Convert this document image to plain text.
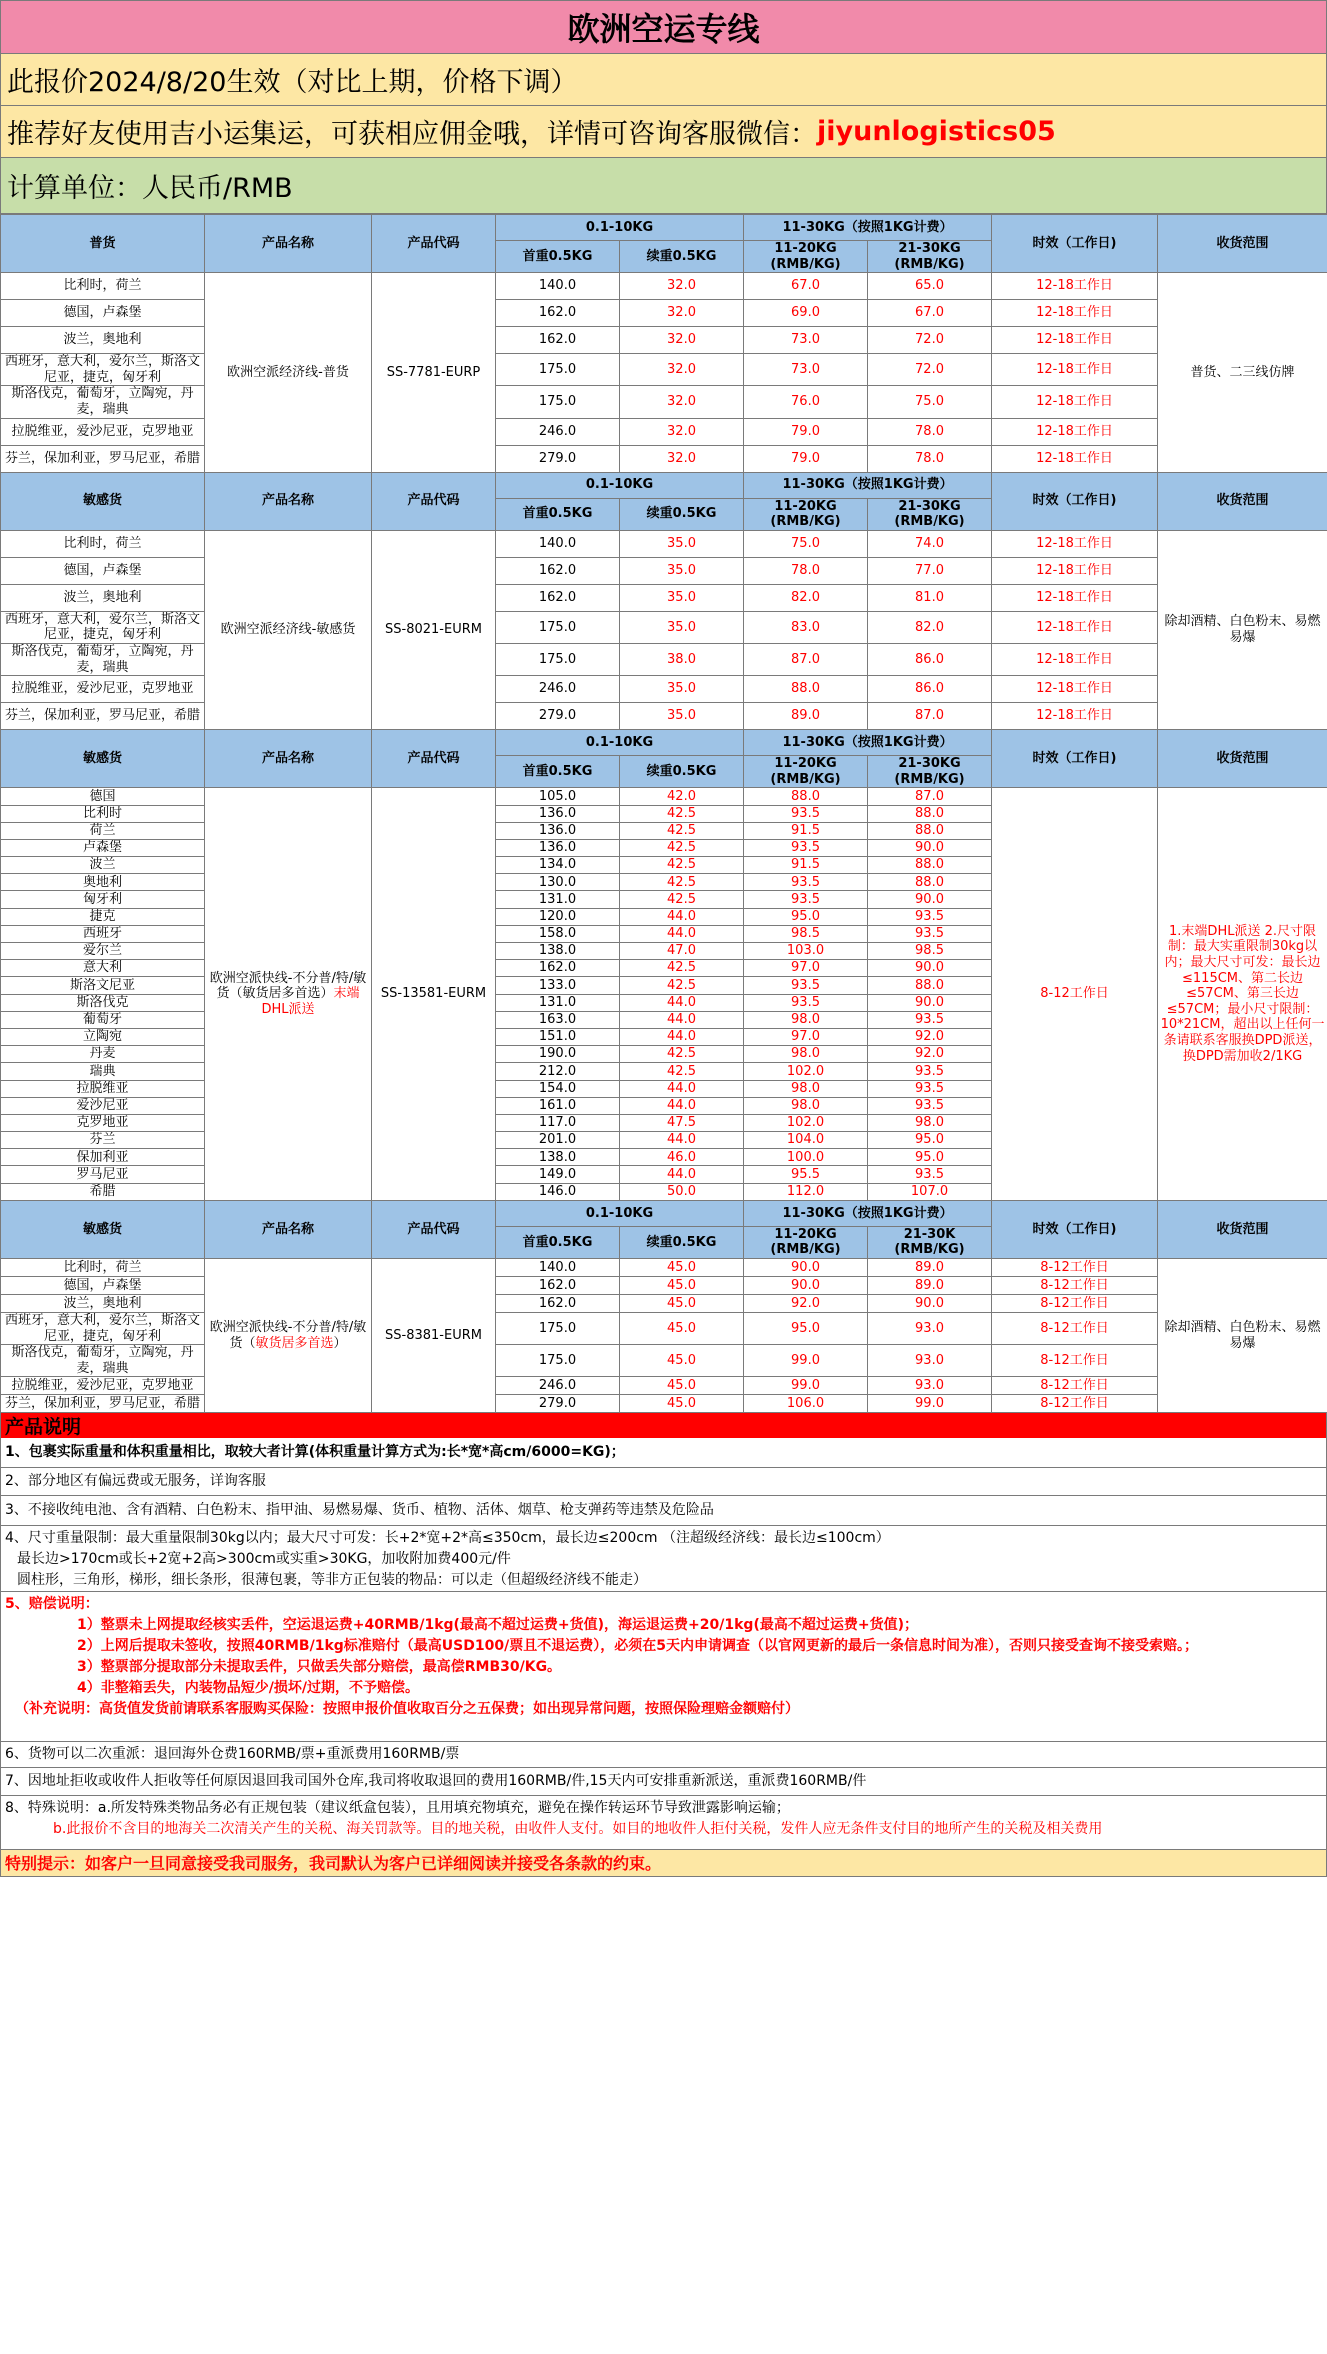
欧洲空运专线
此报价2024/8/20生效（对比上期，价格下调）
推荐好友使用吉小运集运，可获相应佣金哦，详情可咨询客服微信： jiyunlogistics05
计算单位：人民币/RMB
普货	产品名称	产品代码	0.1-10KG		11-30KG（按照1KG计费）		时效（工作日)	收货范围
			首重0.5KG	续重0.5KG	11-20KG (RMB/KG)	21-30KG (RMB/KG)		
比利时，荷兰	欧洲空派经济线-普货	SS-7781-EURP	140.0	32.0	67.0	65.0	12-18工作日	普货、二三线仿牌
德国，卢森堡			162.0	32.0	69.0	67.0	12-18工作日	
波兰，奥地利			162.0	32.0	73.0	72.0	12-18工作日	
西班牙，意大利，爱尔兰，斯洛文尼亚，捷克，匈牙利			175.0	32.0	73.0	72.0	12-18工作日	
斯洛伐克，葡萄牙，立陶宛，丹麦，瑞典			175.0	32.0	76.0	75.0	12-18工作日	
拉脱维亚，爱沙尼亚，克罗地亚			246.0	32.0	79.0	78.0	12-18工作日	
芬兰，保加利亚，罗马尼亚，希腊			279.0	32.0	79.0	78.0	12-18工作日	
敏感货	产品名称	产品代码	0.1-10KG		11-30KG（按照1KG计费）		时效（工作日)	收货范围
			首重0.5KG	续重0.5KG	11-20KG (RMB/KG)	21-30KG (RMB/KG)		
比利时，荷兰	欧洲空派经济线-敏感货	SS-8021-EURM	140.0	35.0	75.0	74.0	12-18工作日	除却酒精、白色粉末、易燃易爆
德国，卢森堡			162.0	35.0	78.0	77.0	12-18工作日	
波兰，奥地利			162.0	35.0	82.0	81.0	12-18工作日	
西班牙，意大利，爱尔兰，斯洛文尼亚，捷克，匈牙利			175.0	35.0	83.0	82.0	12-18工作日	
斯洛伐克，葡萄牙，立陶宛，丹麦，瑞典			175.0	38.0	87.0	86.0	12-18工作日	
拉脱维亚，爱沙尼亚，克罗地亚			246.0	35.0	88.0	86.0	12-18工作日	
芬兰，保加利亚，罗马尼亚，希腊			279.0	35.0	89.0	87.0	12-18工作日	
敏感货	产品名称	产品代码	0.1-10KG		11-30KG（按照1KG计费）		时效（工作日)	收货范围
			首重0.5KG	续重0.5KG	11-20KG (RMB/KG)	21-30KG (RMB/KG)		
德国	欧洲空派快线-不分普/特/敏货（敏货居多首选）末端DHL派送	SS-13581-EURM	105.0	42.0	88.0	87.0	8-12工作日	1.末端DHL派送 2.尺寸限制：最大实重限制30kg以内；最大尺寸可发：最长边≤115CM、第二长边≤57CM、第三长边≤57CM；最小尺寸限制：10*21CM，超出以上任何一条请联系客服换DPD派送，换DPD需加收2/1KG
比利时			136.0	42.5	93.5	88.0		
荷兰			136.0	42.5	91.5	88.0		
卢森堡			136.0	42.5	93.5	90.0		
波兰			134.0	42.5	91.5	88.0		
奥地利			130.0	42.5	93.5	88.0		
匈牙利			131.0	42.5	93.5	90.0		
捷克			120.0	44.0	95.0	93.5		
西班牙			158.0	44.0	98.5	93.5		
爱尔兰			138.0	47.0	103.0	98.5		
意大利			162.0	42.5	97.0	90.0		
斯洛文尼亚			133.0	42.5	93.5	88.0		
斯洛伐克			131.0	44.0	93.5	90.0		
葡萄牙			163.0	44.0	98.0	93.5		
立陶宛			151.0	44.0	97.0	92.0		
丹麦			190.0	42.5	98.0	92.0		
瑞典			212.0	42.5	102.0	93.5		
拉脱维亚			154.0	44.0	98.0	93.5		
爱沙尼亚			161.0	44.0	98.0	93.5		
克罗地亚			117.0	47.5	102.0	98.0		
芬兰			201.0	44.0	104.0	95.0		
保加利亚			138.0	46.0	100.0	95.0		
罗马尼亚			149.0	44.0	95.5	93.5		
希腊			146.0	50.0	112.0	107.0		
敏感货	产品名称	产品代码	0.1-10KG		11-30KG（按照1KG计费）		时效（工作日)	收货范围
			首重0.5KG	续重0.5KG	11-20KG (RMB/KG)	21-30K (RMB/KG)		
比利时，荷兰	欧洲空派快线-不分普/特/敏货（敏货居多首选）	SS-8381-EURM	140.0	45.0	90.0	89.0	8-12工作日	除却酒精、白色粉末、易燃易爆
德国，卢森堡			162.0	45.0	90.0	89.0	8-12工作日	
波兰，奥地利			162.0	45.0	92.0	90.0	8-12工作日	
西班牙，意大利，爱尔兰，斯洛文尼亚，捷克，匈牙利			175.0	45.0	95.0	93.0	8-12工作日	
斯洛伐克，葡萄牙，立陶宛，丹麦，瑞典			175.0	45.0	99.0	93.0	8-12工作日	
拉脱维亚，爱沙尼亚，克罗地亚			246.0	45.0	99.0	93.0	8-12工作日	
芬兰，保加利亚，罗马尼亚，希腊			279.0	45.0	106.0	99.0	8-12工作日	
产品说明
1、包裹实际重量和体积重量相比，取较大者计算(体积重量计算方式为:长*宽*高cm/6000=KG)；
2、部分地区有偏远费或无服务，详询客服
3、不接收纯电池、含有酒精、白色粉末、指甲油、易燃易爆、货币、植物、活体、烟草、枪支弹药等违禁及危险品
4、尺寸重量限制：最大重量限制30kg以内；最大尺寸可发：长+2*宽+2*高≤350cm，最长边≤200cm （注超级经济线：最长边≤100cm）
最长边>170cm或长+2宽+2高>300cm或实重>30KG，加收附加费400元/件
圆柱形，三角形，梯形，细长条形，很薄包裹，等非方正包装的物品：可以走（但超级经济线不能走）
5、赔偿说明：
1）整票未上网提取经核实丢件，空运退运费+40RMB/1kg(最高不超过运费+货值)，海运退运费+20/1kg(最高不超过运费+货值)；
2）上网后提取未签收，按照40RMB/1kg标准赔付（最高USD100/票且不退运费），必须在5天内申请调查（以官网更新的最后一条信息时间为准），否则只接受查询不接受索赔。；
3）整票部分提取部分未提取丢件，只做丢失部分赔偿，最高偿RMB30/KG。
4）非整箱丢失，内装物品短少/损坏/过期，不予赔偿。
（补充说明：高货值发货前请联系客服购买保险：按照申报价值收取百分之五保费；如出现异常问题，按照保险理赔金额赔付）
6、货物可以二次重派：退回海外仓费160RMB/票+重派费用160RMB/票
7、因地址拒收或收件人拒收等任何原因退回我司国外仓库,我司将收取退回的费用160RMB/件,15天内可安排重新派送，重派费160RMB/件
8、特殊说明：a.所发特殊类物品务必有正规包装（建议纸盒包装），且用填充物填充，避免在操作转运环节导致泄露影响运输；
b.此报价不含目的地海关二次清关产生的关税、海关罚款等。目的地关税，由收件人支付。如目的地收件人拒付关税，发件人应无条件支付目的地所产生的关税及相关费用
特别提示：如客户一旦同意接受我司服务，我司默认为客户已详细阅读并接受各条款的约束。
